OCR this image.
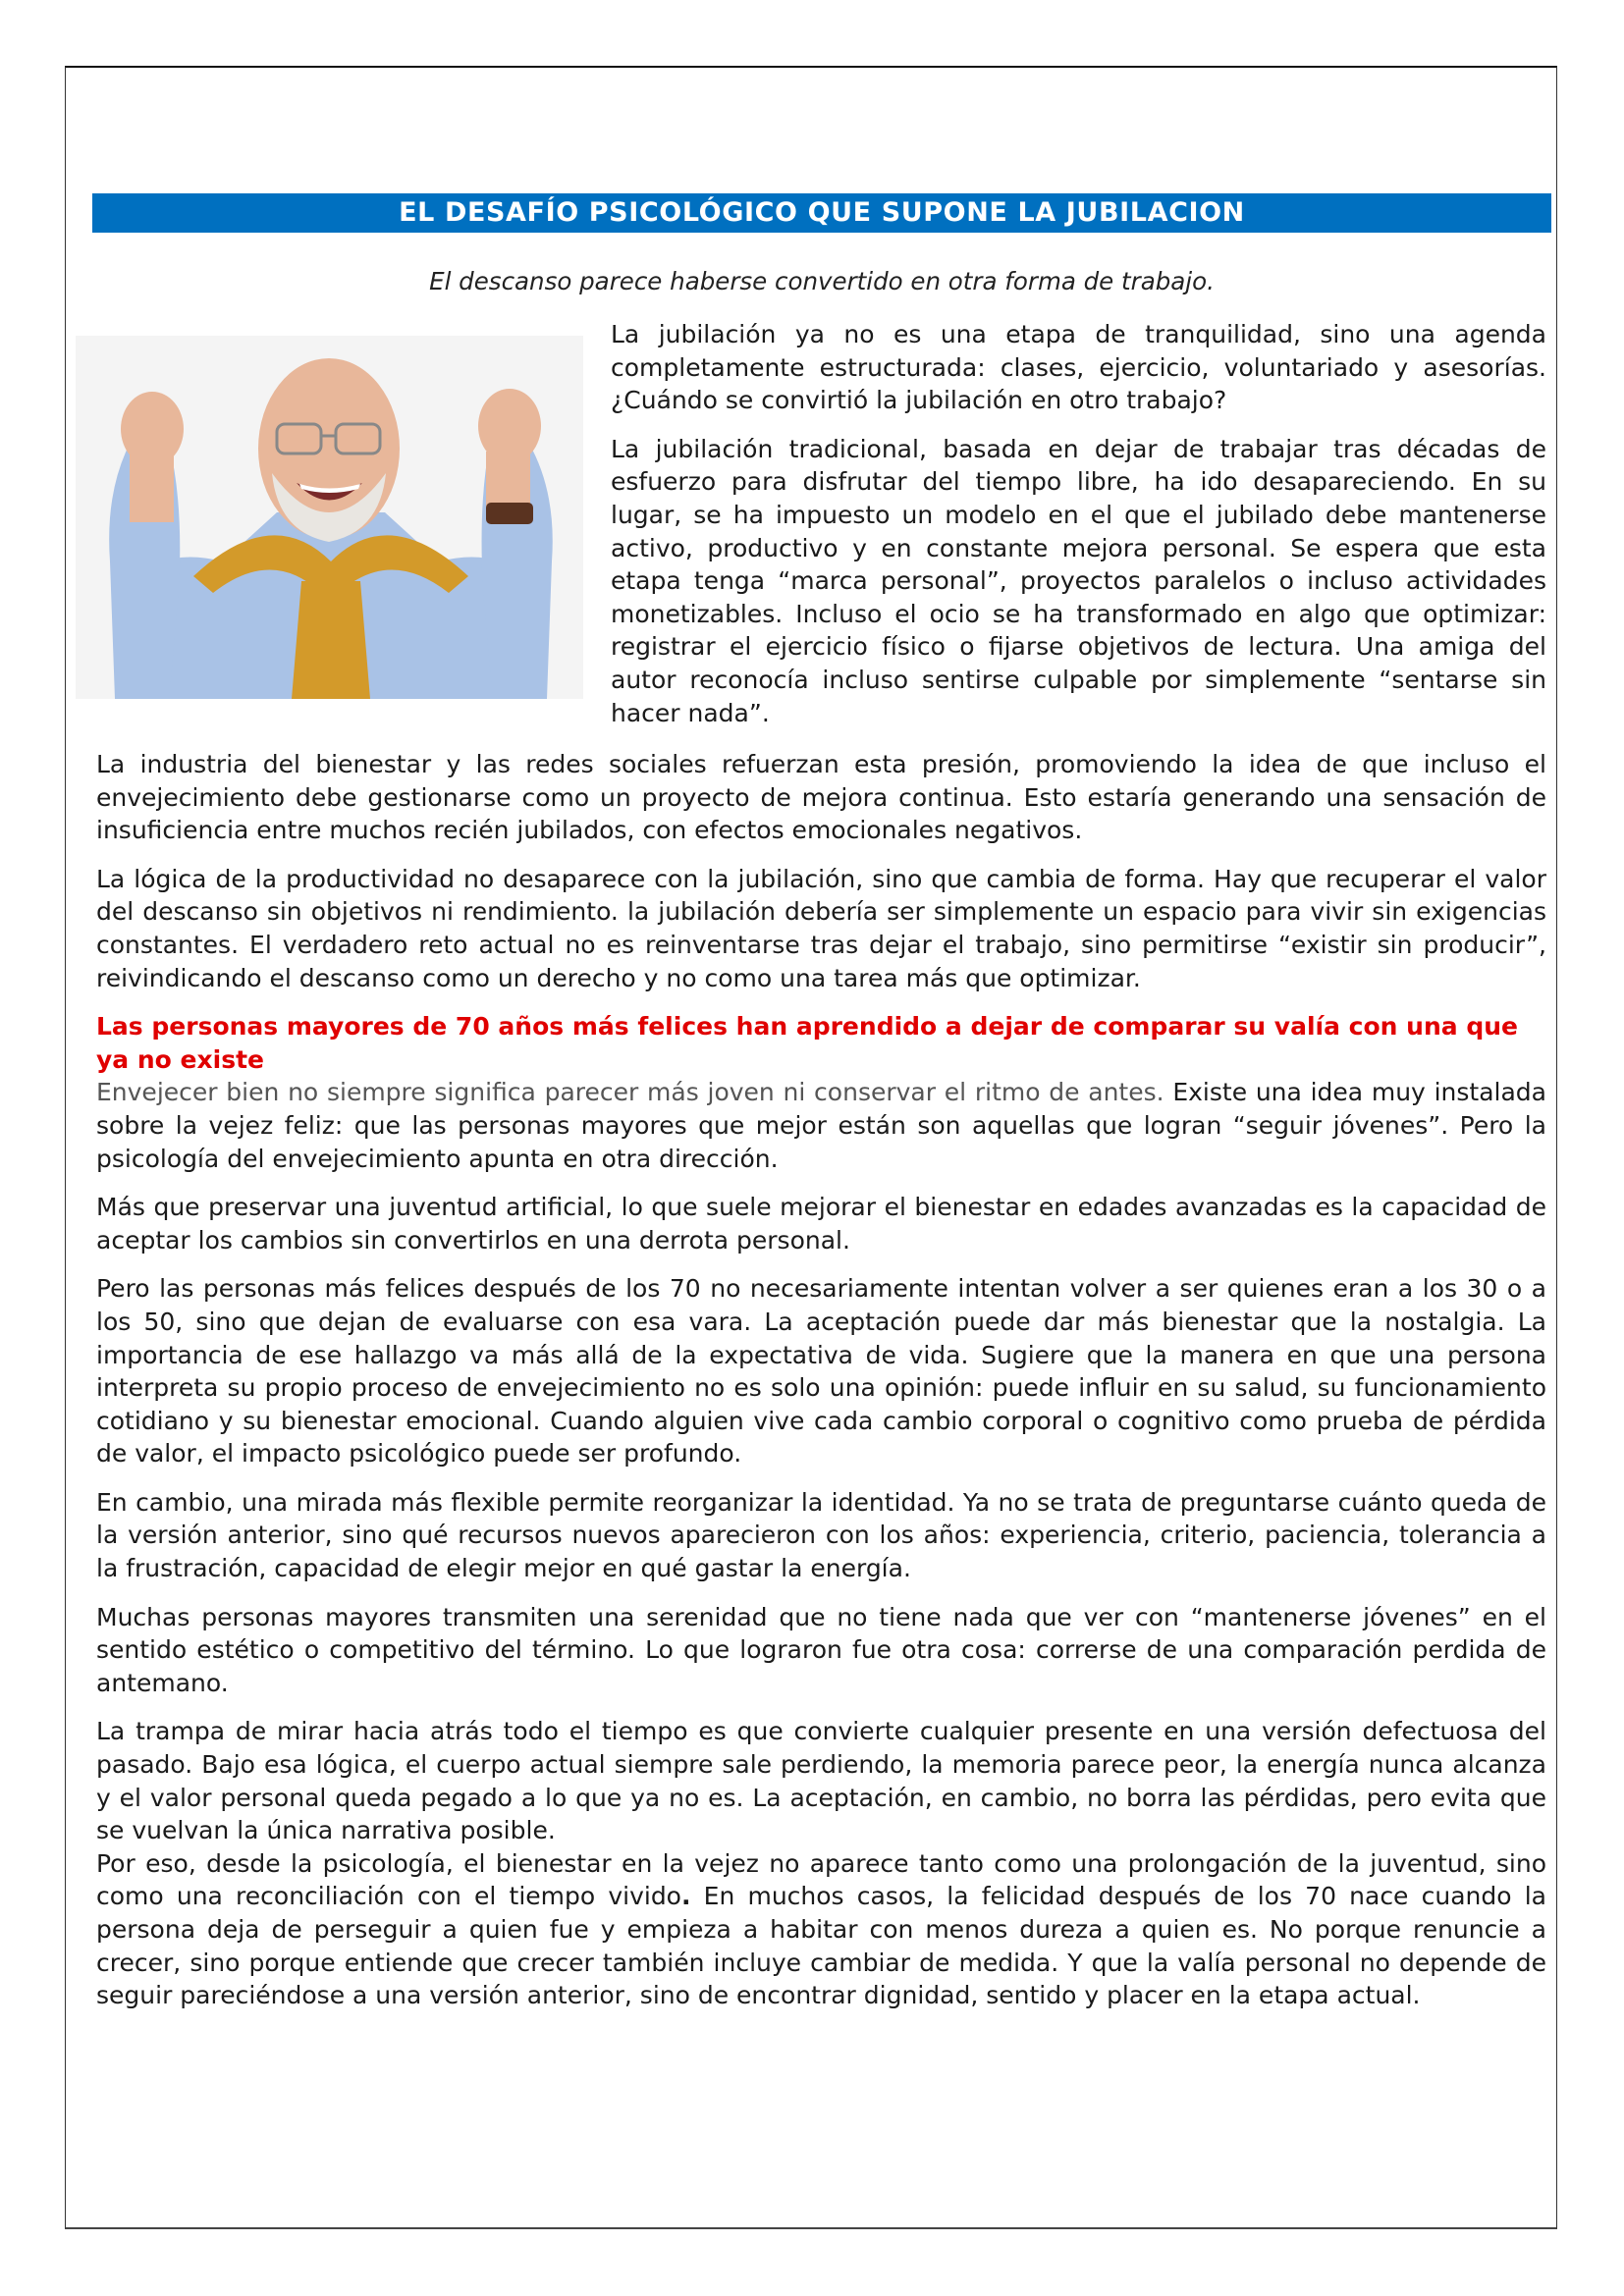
EL DESAFÍO PSICOLÓGICO QUE SUPONE LA JUBILACION
El descanso parece haberse convertido en otra forma de trabajo.

La jubilación ya no es una etapa de tranquilidad, sino una agenda completamente estructurada: clases, ejercicio, voluntariado y asesorías. ¿Cuándo se convirtió la jubilación en otro trabajo?

La jubilación tradicional, basada en dejar de trabajar tras décadas de esfuerzo para disfrutar del tiempo libre, ha ido desapareciendo. En su lugar, se ha impuesto un modelo en el que el jubilado debe mantenerse activo, productivo y en constante mejora personal. Se espera que esta etapa tenga “marca personal”, proyectos paralelos o incluso actividades monetizables. Incluso el ocio se ha transformado en algo que optimizar: registrar el ejercicio físico o fijarse objetivos de lectura. Una amiga del autor reconocía incluso sentirse culpable por simplemente “sentarse sin hacer nada”.

La industria del bienestar y las redes sociales refuerzan esta presión, promoviendo la idea de que incluso el envejecimiento debe gestionarse como un proyecto de mejora continua. Esto estaría generando una sensación de insuficiencia entre muchos recién jubilados, con efectos emocionales negativos.

La lógica de la productividad no desaparece con la jubilación, sino que cambia de forma. Hay que recuperar el valor del descanso sin objetivos ni rendimiento. la jubilación debería ser simplemente un espacio para vivir sin exigencias constantes. El verdadero reto actual no es reinventarse tras dejar el trabajo, sino permitirse “existir sin producir”, reivindicando el descanso como un derecho y no como una tarea más que optimizar.

Las personas mayores de 70 años más felices han aprendido a dejar de comparar su valía con una que ya no existe

Envejecer bien no siempre significa parecer más joven ni conservar el ritmo de antes. Existe una idea muy instalada sobre la vejez feliz: que las personas mayores que mejor están son aquellas que logran “seguir jóvenes”. Pero la psicología del envejecimiento apunta en otra dirección.

Más que preservar una juventud artificial, lo que suele mejorar el bienestar en edades avanzadas es la capacidad de aceptar los cambios sin convertirlos en una derrota personal.

Pero las personas más felices después de los 70 no necesariamente intentan volver a ser quienes eran a los 30 o a los 50, sino que dejan de evaluarse con esa vara. La aceptación puede dar más bienestar que la nostalgia. La importancia de ese hallazgo va más allá de la expectativa de vida. Sugiere que la manera en que una persona interpreta su propio proceso de envejecimiento no es solo una opinión: puede influir en su salud, su funcionamiento cotidiano y su bienestar emocional. Cuando alguien vive cada cambio corporal o cognitivo como prueba de pérdida de valor, el impacto psicológico puede ser profundo.

En cambio, una mirada más flexible permite reorganizar la identidad. Ya no se trata de preguntarse cuánto queda de la versión anterior, sino qué recursos nuevos aparecieron con los años: experiencia, criterio, paciencia, tolerancia a la frustración, capacidad de elegir mejor en qué gastar la energía.

Muchas personas mayores transmiten una serenidad que no tiene nada que ver con “mantenerse jóvenes” en el sentido estético o competitivo del término. Lo que lograron fue otra cosa: correrse de una comparación perdida de antemano.

La trampa de mirar hacia atrás todo el tiempo es que convierte cualquier presente en una versión defectuosa del pasado. Bajo esa lógica, el cuerpo actual siempre sale perdiendo, la memoria parece peor, la energía nunca alcanza y el valor personal queda pegado a lo que ya no es. La aceptación, en cambio, no borra las pérdidas, pero evita que se vuelvan la única narrativa posible.

Por eso, desde la psicología, el bienestar en la vejez no aparece tanto como una prolongación de la juventud, sino como una reconciliación con el tiempo vivido. En muchos casos, la felicidad después de los 70 nace cuando la persona deja de perseguir a quien fue y empieza a habitar con menos dureza a quien es. No porque renuncie a crecer, sino porque entiende que crecer también incluye cambiar de medida. Y que la valía personal no depende de seguir pareciéndose a una versión anterior, sino de encontrar dignidad, sentido y placer en la etapa actual.
